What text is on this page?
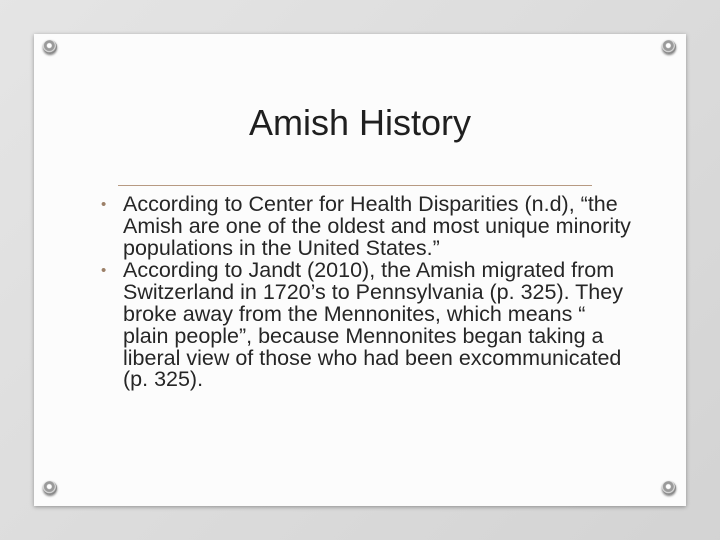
Amish History
• According to Center for Health Disparities (n.d), “the Amish are one of the oldest and most unique minority populations in the United States.”
• According to Jandt (2010), the Amish migrated from Switzerland in 1720’s to Pennsylvania (p. 325). They broke away from the Mennonites, which means “ plain people”, because Mennonites began taking a liberal view of those who had been excommunicated (p. 325).
